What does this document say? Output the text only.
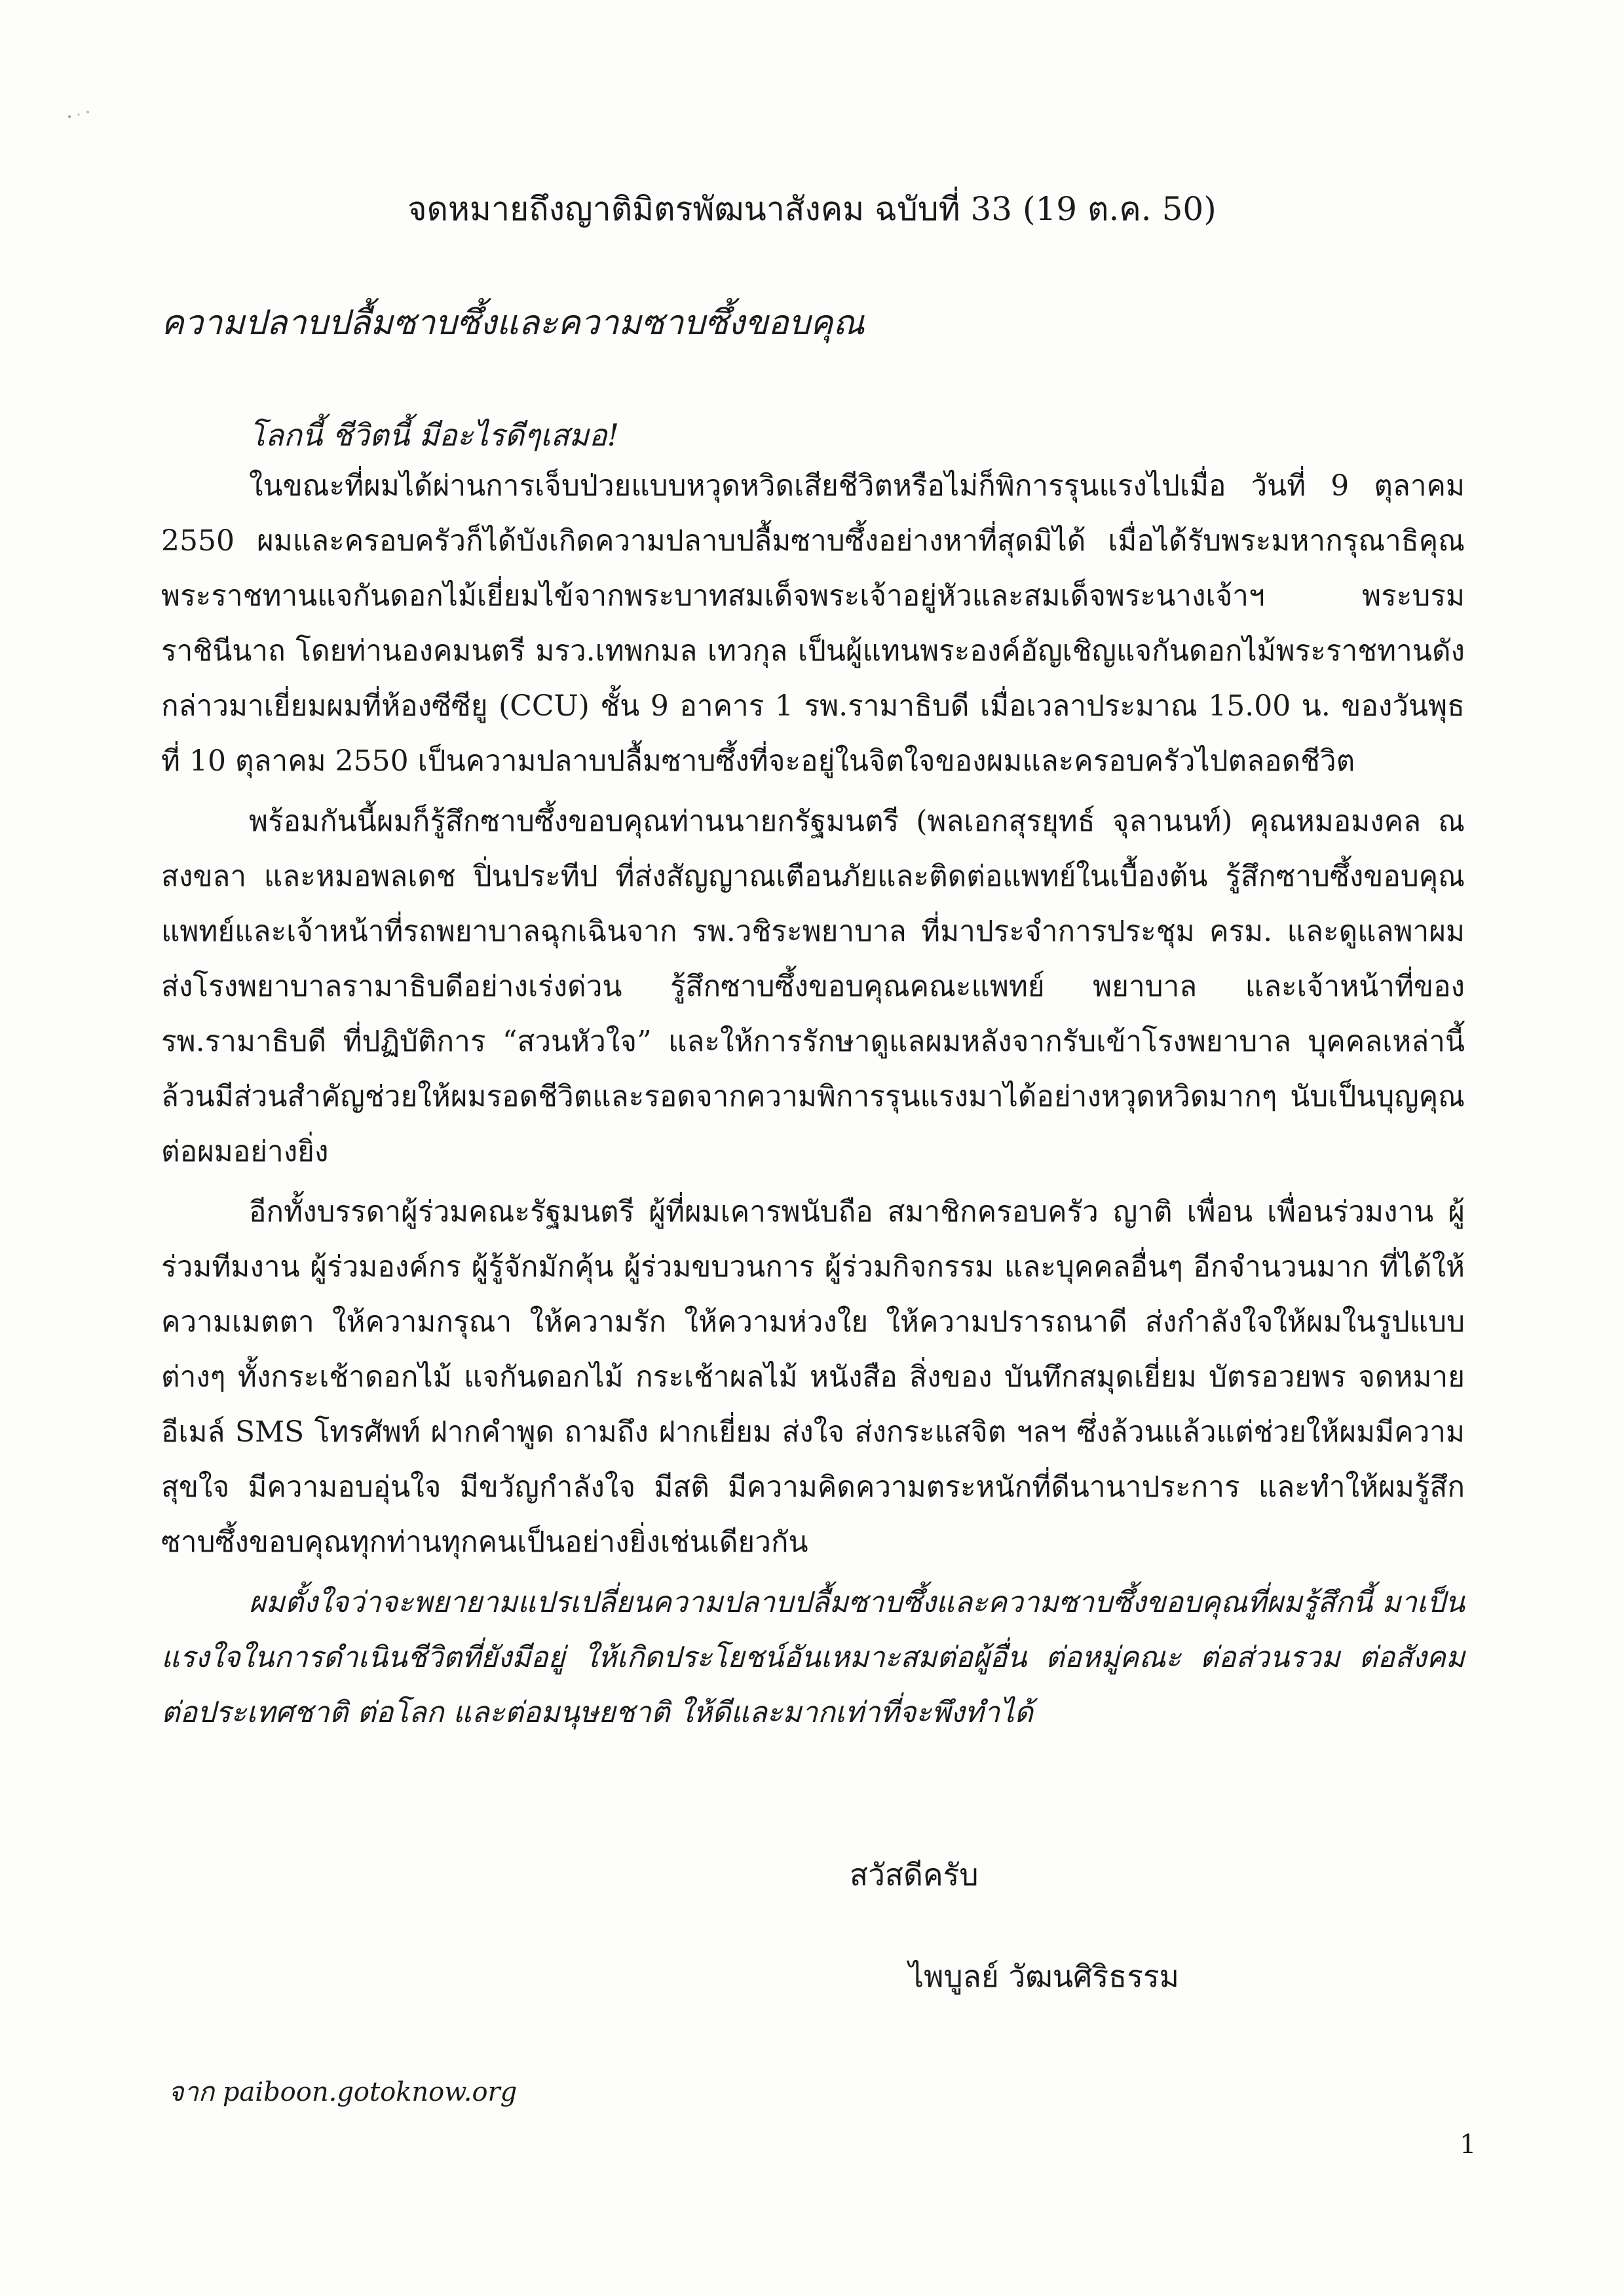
จดหมายถึงญาติมิตรพัฒนาสังคม ฉบับที่ 33 (19 ต.ค. 50)
ความปลาบปลื้มซาบซึ้งและความซาบซึ้งขอบคุณ
โลกนี้ ชีวิตนี้ มีอะไรดีๆเสมอ!

ในขณะที่ผมได้ผ่านการเจ็บป่วยแบบหวุดหวิดเสียชีวิตหรือไม่ก็พิการรุนแรงไปเมื่อ วันที่ 9 ตุลาคม 2550 ผมและครอบครัวก็ได้บังเกิดความปลาบปลื้มซาบซึ้งอย่างหาที่สุดมิได้ เมื่อได้รับพระมหากรุณาธิคุณพระราชทานแจกันดอกไม้เยี่ยมไข้จากพระบาทสมเด็จพระเจ้าอยู่หัวและสมเด็จพระนางเจ้าฯ พระบรมราชินีนาถ โดยท่านองคมนตรี มรว.เทพกมล เทวกุล เป็นผู้แทนพระองค์อัญเชิญแจกันดอกไม้พระราชทานดังกล่าวมาเยี่ยมผมที่ห้องซีซียู (CCU) ชั้น 9 อาคาร 1 รพ.รามาธิบดี เมื่อเวลาประมาณ 15.00 น. ของวันพุธที่ 10 ตุลาคม 2550 เป็นความปลาบปลื้มซาบซึ้งที่จะอยู่ในจิตใจของผมและครอบครัวไปตลอดชีวิต

พร้อมกันนี้ผมก็รู้สึกซาบซึ้งขอบคุณท่านนายกรัฐมนตรี (พลเอกสุรยุทธ์ จุลานนท์) คุณหมอมงคล ณ สงขลา และหมอพลเดช ปิ่นประทีป ที่ส่งสัญญาณเตือนภัยและติดต่อแพทย์ในเบื้องต้น รู้สึกซาบซึ้งขอบคุณแพทย์และเจ้าหน้าที่รถพยาบาลฉุกเฉินจาก รพ.วชิระพยาบาล ที่มาประจำการประชุม ครม. และดูแลพาผมส่งโรงพยาบาลรามาธิบดีอย่างเร่งด่วน รู้สึกซาบซึ้งขอบคุณคณะแพทย์ พยาบาล และเจ้าหน้าที่ของ รพ.รามาธิบดี ที่ปฏิบัติการ “สวนหัวใจ” และให้การรักษาดูแลผมหลังจากรับเข้าโรงพยาบาล บุคคลเหล่านี้ล้วนมีส่วนสำคัญช่วยให้ผมรอดชีวิตและรอดจากความพิการรุนแรงมาได้อย่างหวุดหวิดมากๆ นับเป็นบุญคุณต่อผมอย่างยิ่ง

อีกทั้งบรรดาผู้ร่วมคณะรัฐมนตรี ผู้ที่ผมเคารพนับถือ สมาชิกครอบครัว ญาติ เพื่อน เพื่อนร่วมงาน ผู้ร่วมทีมงาน ผู้ร่วมองค์กร ผู้รู้จักมักคุ้น ผู้ร่วมขบวนการ ผู้ร่วมกิจกรรม และบุคคลอื่นๆ อีกจำนวนมาก ที่ได้ให้ความเมตตา ให้ความกรุณา ให้ความรัก ให้ความห่วงใย ให้ความปรารถนาดี ส่งกำลังใจให้ผมในรูปแบบต่างๆ ทั้งกระเช้าดอกไม้ แจกันดอกไม้ กระเช้าผลไม้ หนังสือ สิ่งของ บันทึกสมุดเยี่ยม บัตรอวยพร จดหมาย อีเมล์ SMS โทรศัพท์ ฝากคำพูด ถามถึง ฝากเยี่ยม ส่งใจ ส่งกระแสจิต ฯลฯ ซึ่งล้วนแล้วแต่ช่วยให้ผมมีความสุขใจ มีความอบอุ่นใจ มีขวัญกำลังใจ มีสติ มีความคิดความตระหนักที่ดีนานาประการ และทำให้ผมรู้สึกซาบซึ้งขอบคุณทุกท่านทุกคนเป็นอย่างยิ่งเช่นเดียวกัน

ผมตั้งใจว่าจะพยายามแปรเปลี่ยนความปลาบปลื้มซาบซึ้งและความซาบซึ้งขอบคุณที่ผมรู้สึกนี้ มาเป็นแรงใจในการดำเนินชีวิตที่ยังมีอยู่ ให้เกิดประโยชน์อันเหมาะสมต่อผู้อื่น ต่อหมู่คณะ ต่อส่วนรวม ต่อสังคม ต่อประเทศชาติ ต่อโลก และต่อมนุษยชาติ ให้ดีและมากเท่าที่จะพึงทำได้

สวัสดีครับ
ไพบูลย์ วัฒนศิริธรรม
จาก paiboon.gotoknow.org
1
